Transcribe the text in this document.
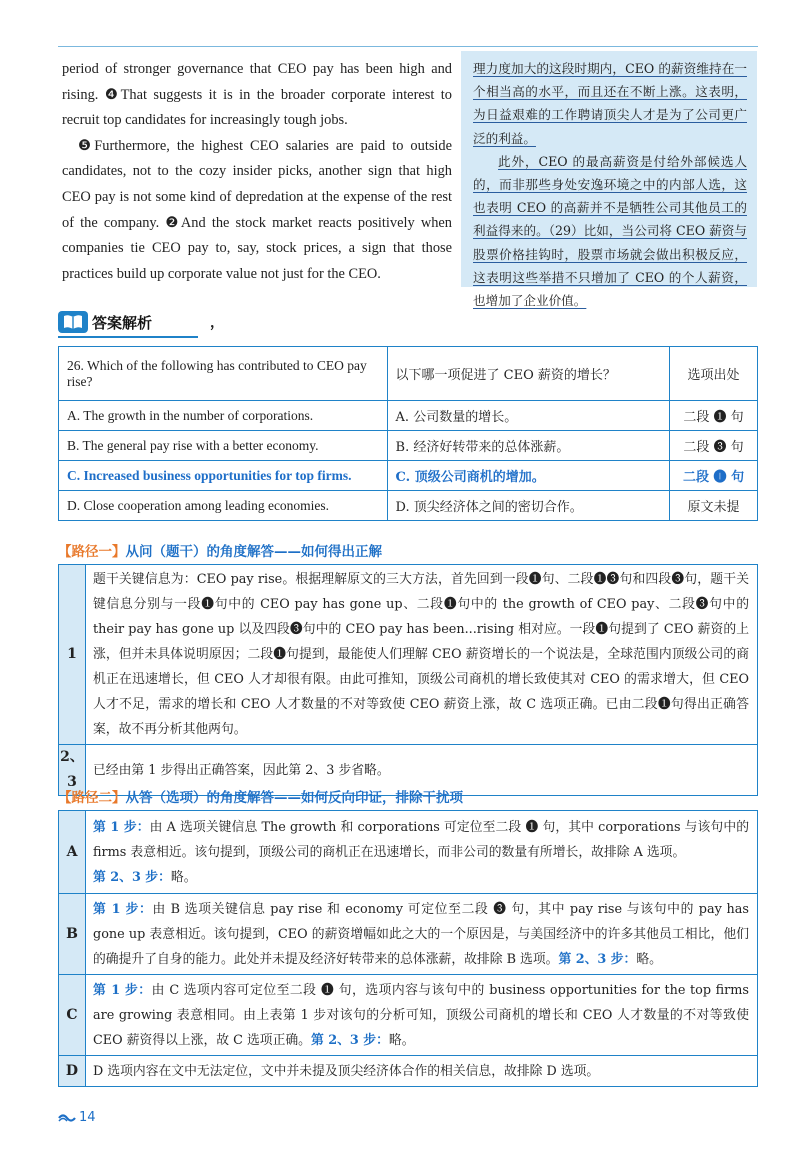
period of stronger governance that CEO pay has been high and rising. ❹That suggests it is in the broader corporate interest to recruit top candidates for increasingly tough jobs.

❺Furthermore, the highest CEO salaries are paid to outside candidates, not to the cozy insider picks, another sign that high CEO pay is not some kind of depredation at the expense of the rest of the company. ❷And the stock market reacts positively when companies tie CEO pay to, say, stock prices, a sign that those practices build up corporate value not just for the CEO.

理力度加大的这段时期内，CEO 的薪资维持在一个相当高的水平，而且还在不断上涨。这表明，为日益艰难的工作聘请顶尖人才是为了公司更广泛的利益。

此外，CEO 的最高薪资是付给外部候选人的，而非那些身处安逸环境之中的内部人选，这也表明 CEO 的高薪并不是牺牲公司其他员工的利益得来的。（29）比如，当公司将 CEO 薪资与股票价格挂钩时，股票市场就会做出积极反应，这表明这些举措不只增加了 CEO 的个人薪资，也增加了企业价值。

答案解析	，
26. Which of the following has contributed to CEO pay rise?	以下哪一项促进了 CEO 薪资的增长？	选项出处
A. The growth in the number of corporations.	A. 公司数量的增长。	二段 ❶ 句
B. The general pay rise with a better economy.	B. 经济好转带来的总体涨薪。	二段 ❸ 句
C. Increased business opportunities for top firms.	C. 顶级公司商机的增加。	二段 ❶ 句
D. Close cooperation among leading economies.	D. 顶尖经济体之间的密切合作。	原文未提
【路径一】从问（题干）的角度解答——如何得出正解
1	题干关键信息为：CEO pay rise。根据理解原文的三大方法，首先回到一段❶句、二段❶❸句和四段❸句，题干关键信息分别与一段❶句中的 CEO pay has gone up、二段❶句中的 the growth of CEO pay、二段❸句中的 their pay has gone up 以及四段❸句中的 CEO pay has been...rising 相对应。一段❶句提到了 CEO 薪资的上涨，但并未具体说明原因；二段❶句提到，最能使人们理解 CEO 薪资增长的一个说法是，全球范围内顶级公司的商机正在迅速增长，但 CEO 人才却很有限。由此可推知，顶级公司商机的增长致使其对 CEO 的需求增大，但 CEO 人才不足，需求的增长和 CEO 人才数量的不对等致使 CEO 薪资上涨，故 C 选项正确。已由二段❶句得出正确答案，故不再分析其他两句。
2、3	已经由第 1 步得出正确答案，因此第 2、3 步省略。
【路径二】从答（选项）的角度解答——如何反向印证，排除干扰项
A	第 1 步：由 A 选项关键信息 The growth 和 corporations 可定位至二段 ❶ 句，其中 corporations 与该句中的 firms 表意相近。该句提到，顶级公司的商机正在迅速增长，而非公司的数量有所增长，故排除 A 选项。
第 2、3 步：略。
B	第 1 步：由 B 选项关键信息 pay rise 和 economy 可定位至二段 ❸ 句，其中 pay rise 与该句中的 pay has gone up 表意相近。该句提到，CEO 的薪资增幅如此之大的一个原因是，与美国经济中的许多其他员工相比，他们的确提升了自身的能力。此处并未提及经济好转带来的总体涨薪，故排除 B 选项。第 2、3 步：略。
C	第 1 步：由 C 选项内容可定位至二段 ❶ 句，选项内容与该句中的 business opportunities for the top firms are growing 表意相同。由上表第 1 步对该句的分析可知，顶级公司商机的增长和 CEO 人才数量的不对等致使 CEO 薪资得以上涨，故 C 选项正确。第 2、3 步：略。
D	D 选项内容在文中无法定位，文中并未提及顶尖经济体合作的相关信息，故排除 D 选项。
14
